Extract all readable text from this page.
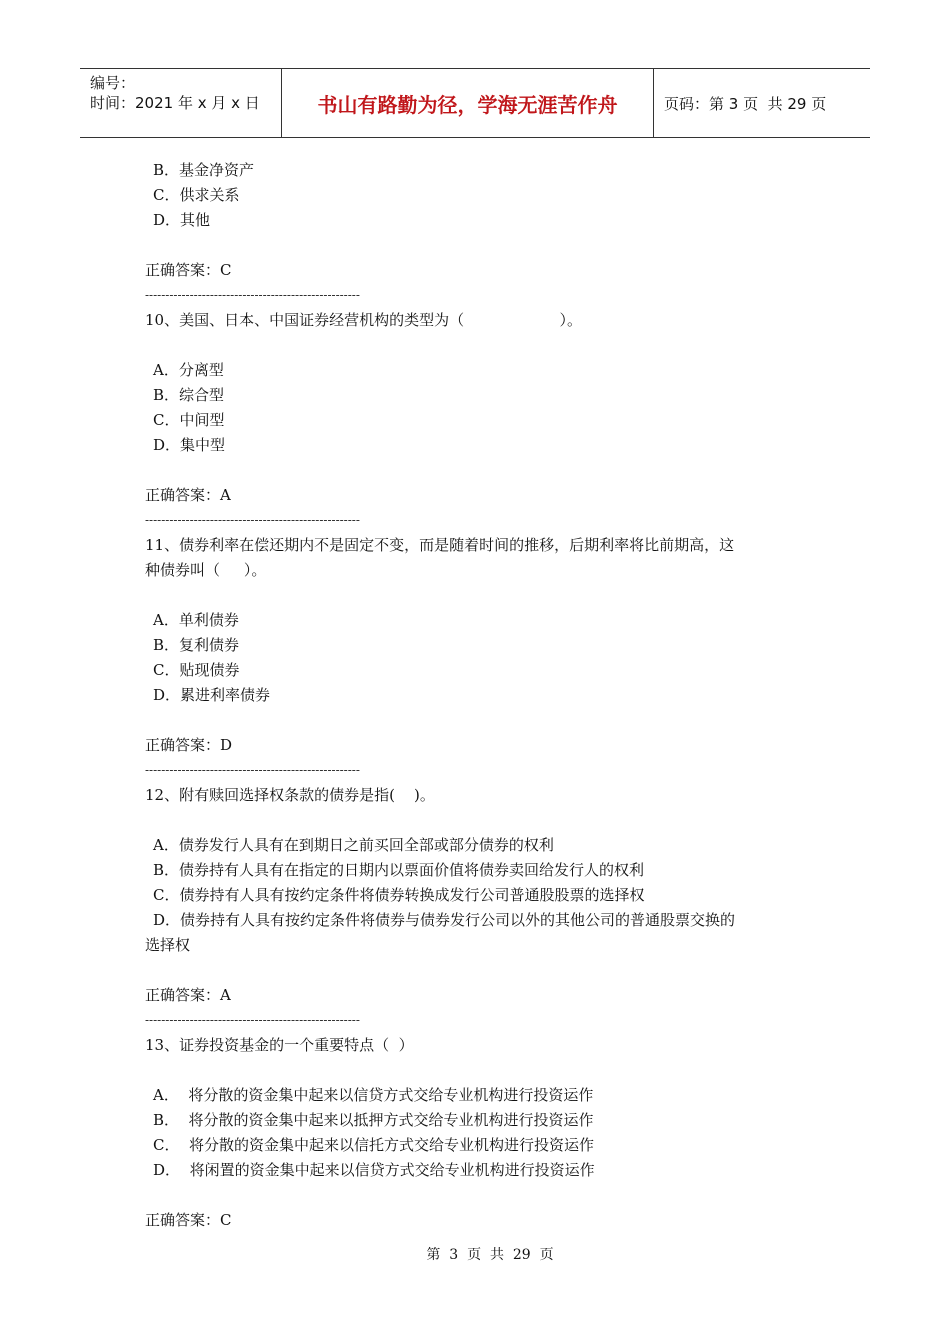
编号：
时间：2021 年 x 月 x 日	书山有路勤为径，学海无涯苦作舟	页码：第 3 页  共 29 页
B．基金净资产
C．供求关系
D．其他
正确答案：C
-----------------------------------------------------
10、美国、日本、中国证券经营机构的类型为（                    ）。
A．分离型
B．综合型
C．中间型
D．集中型
正确答案：A
-----------------------------------------------------
11、债券利率在偿还期内不是固定不变，而是随着时间的推移，后期利率将比前期高，这
种债券叫（     ）。
A．单利债券
B．复利债券
C．贴现债券
D．累进利率债券
正确答案：D
-----------------------------------------------------
12、附有赎回选择权条款的债券是指(    )。
A．债券发行人具有在到期日之前买回全部或部分债券的权利
B．债券持有人具有在指定的日期内以票面价值将债券卖回给发行人的权利
C．债券持有人具有按约定条件将债券转换成发行公司普通股股票的选择权
D．债券持有人具有按约定条件将债券与债券发行公司以外的其他公司的普通股票交换的
选择权
正确答案：A
-----------------------------------------------------
13、证券投资基金的一个重要特点（  ）
A．  将分散的资金集中起来以信贷方式交给专业机构进行投资运作
B．  将分散的资金集中起来以抵押方式交给专业机构进行投资运作
C．  将分散的资金集中起来以信托方式交给专业机构进行投资运作
D．  将闲置的资金集中起来以信贷方式交给专业机构进行投资运作
正确答案：C
第  3  页  共  29  页
